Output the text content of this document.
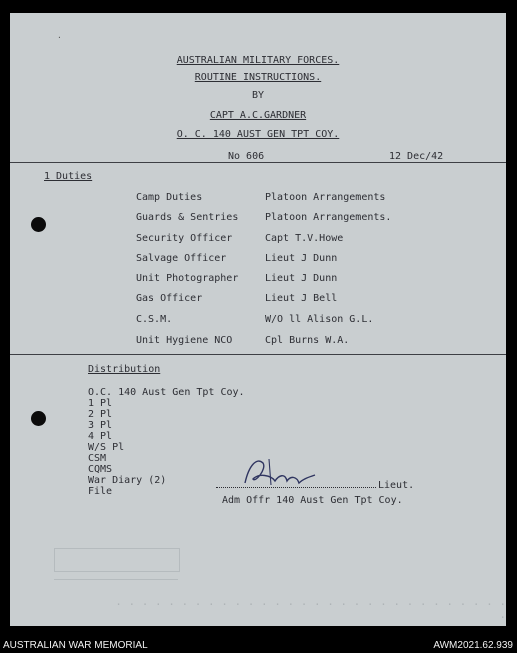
·
AUSTRALIAN MILITARY FORCES.
ROUTINE INSTRUCTIONS.
BY
CAPT A.C.GARDNER
O. C. 140 AUST GEN TPT COY.
No 606	12 Dec/42
1 Duties
Camp Duties	Platoon Arrangements
Guards & Sentries	Platoon Arrangements.
Security Officer	Capt T.V.Howe
Salvage Officer	Lieut J Dunn
Unit Photographer	Lieut J Dunn
Gas Officer	Lieut J Bell
C.S.M.	W/O ll Alison G.L.
Unit Hygiene NCO	Cpl Burns W.A.
Distribution
O.C. 140 Aust Gen Tpt Coy.
1 Pl
2 Pl
3 Pl
4 Pl
W/S Pl
CSM
CQMS
War Diary (2)
File
Lieut.
Adm Offr 140 Aust Gen Tpt Coy.
· · · · · · · · · · · · · · · · · · · · · · · · · · · · · · ·
AUSTRALIAN WAR MEMORIAL	AWM2021.62.939
